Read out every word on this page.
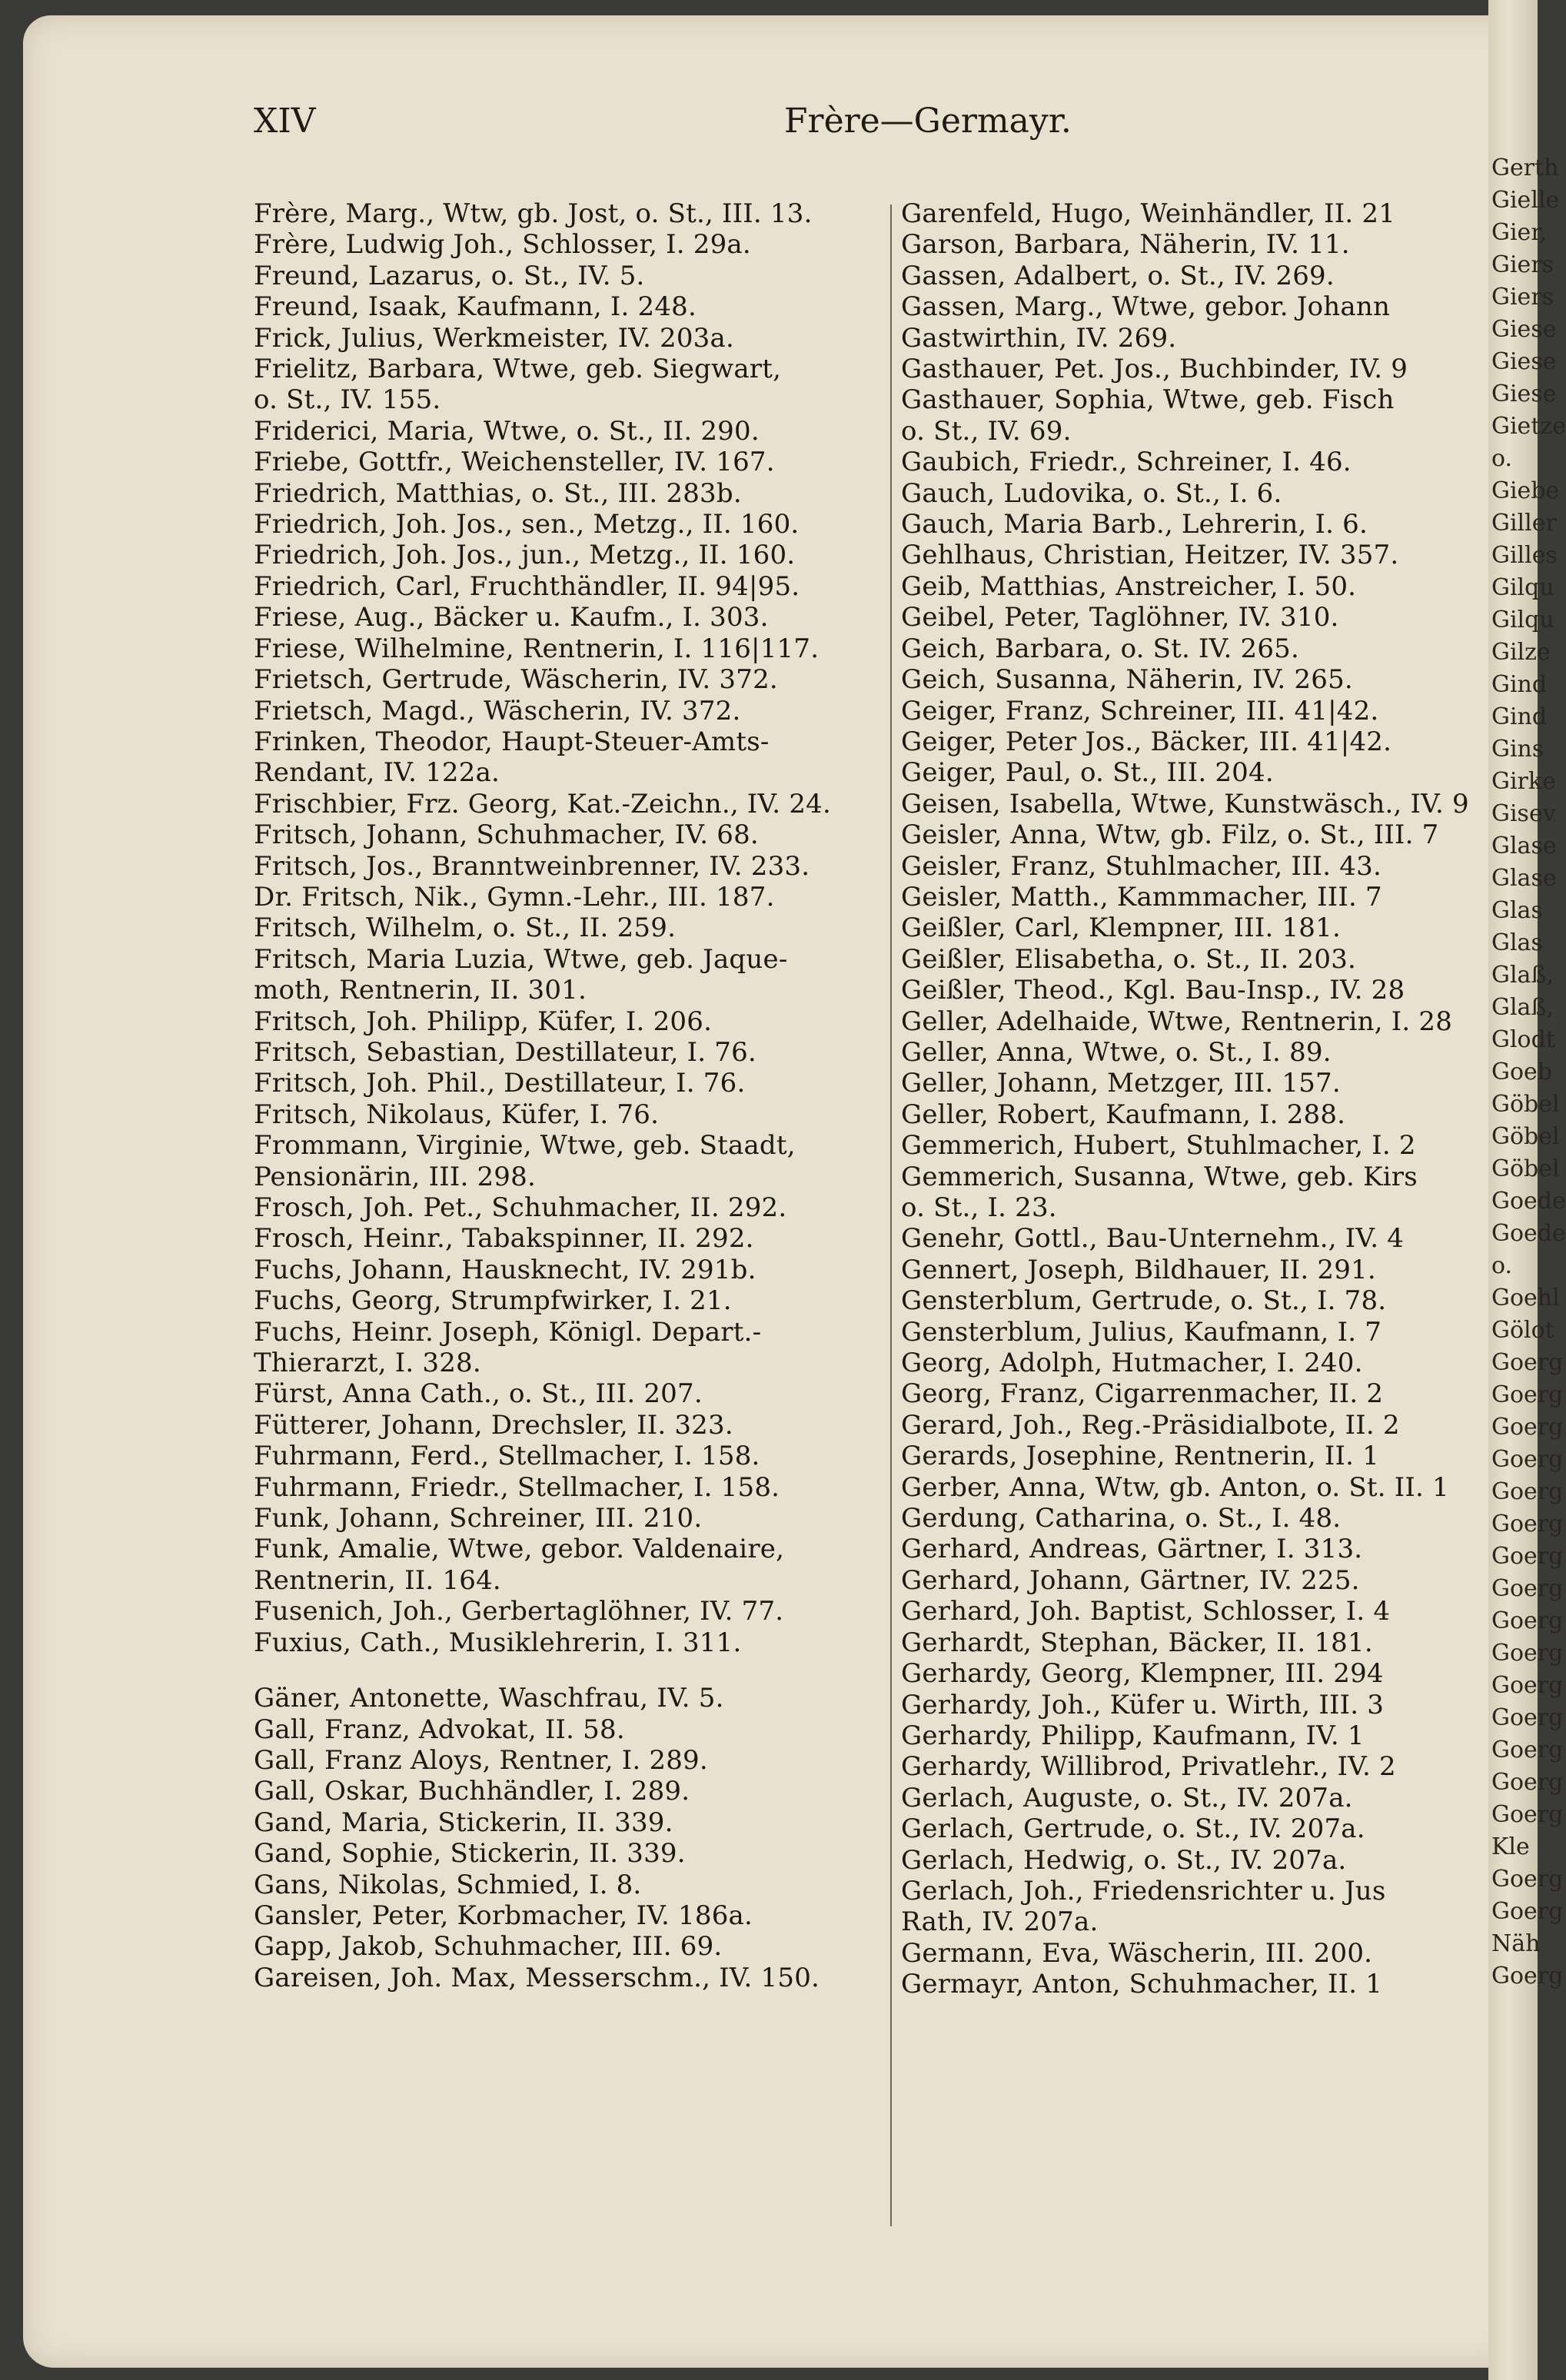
XIV	Frère—Germayr.
Frère, Marg., Wtw, gb. Jost, o. St., III. 13.
Frère, Ludwig Joh., Schlosser, I. 29a.
Freund, Lazarus, o. St., IV. 5.
Freund, Isaak, Kaufmann, I. 248.
Frick, Julius, Werkmeister, IV. 203a.
Frielitz, Barbara, Wtwe, geb. Siegwart,
o. St., IV. 155.
Friderici, Maria, Wtwe, o. St., II. 290.
Friebe, Gottfr., Weichensteller, IV. 167.
Friedrich, Matthias, o. St., III. 283b.
Friedrich, Joh. Jos., sen., Metzg., II. 160.
Friedrich, Joh. Jos., jun., Metzg., II. 160.
Friedrich, Carl, Fruchthändler, II. 94|95.
Friese, Aug., Bäcker u. Kaufm., I. 303.
Friese, Wilhelmine, Rentnerin, I. 116|117.
Frietsch, Gertrude, Wäscherin, IV. 372.
Frietsch, Magd., Wäscherin, IV. 372.
Frinken, Theodor, Haupt-Steuer-Amts-
Rendant, IV. 122a.
Frischbier, Frz. Georg, Kat.-Zeichn., IV. 24.
Fritsch, Johann, Schuhmacher, IV. 68.
Fritsch, Jos., Branntweinbrenner, IV. 233.
Dr. Fritsch, Nik., Gymn.-Lehr., III. 187.
Fritsch, Wilhelm, o. St., II. 259.
Fritsch, Maria Luzia, Wtwe, geb. Jaque-
moth, Rentnerin, II. 301.
Fritsch, Joh. Philipp, Küfer, I. 206.
Fritsch, Sebastian, Destillateur, I. 76.
Fritsch, Joh. Phil., Destillateur, I. 76.
Fritsch, Nikolaus, Küfer, I. 76.
Frommann, Virginie, Wtwe, geb. Staadt,
Pensionärin, III. 298.
Frosch, Joh. Pet., Schuhmacher, II. 292.
Frosch, Heinr., Tabakspinner, II. 292.
Fuchs, Johann, Hausknecht, IV. 291b.
Fuchs, Georg, Strumpfwirker, I. 21.
Fuchs, Heinr. Joseph, Königl. Depart.-
Thierarzt, I. 328.
Fürst, Anna Cath., o. St., III. 207.
Fütterer, Johann, Drechsler, II. 323.
Fuhrmann, Ferd., Stellmacher, I. 158.
Fuhrmann, Friedr., Stellmacher, I. 158.
Funk, Johann, Schreiner, III. 210.
Funk, Amalie, Wtwe, gebor. Valdenaire,
Rentnerin, II. 164.
Fusenich, Joh., Gerbertaglöhner, IV. 77.
Fuxius, Cath., Musiklehrerin, I. 311.
Gäner, Antonette, Waschfrau, IV. 5.
Gall, Franz, Advokat, II. 58.
Gall, Franz Aloys, Rentner, I. 289.
Gall, Oskar, Buchhändler, I. 289.
Gand, Maria, Stickerin, II. 339.
Gand, Sophie, Stickerin, II. 339.
Gans, Nikolas, Schmied, I. 8.
Gansler, Peter, Korbmacher, IV. 186a.
Gapp, Jakob, Schuhmacher, III. 69.
Gareisen, Joh. Max, Messerschm., IV. 150.
Garenfeld, Hugo, Weinhändler, II. 21
Garson, Barbara, Näherin, IV. 11.
Gassen, Adalbert, o. St., IV. 269.
Gassen, Marg., Wtwe, gebor. Johann
Gastwirthin, IV. 269.
Gasthauer, Pet. Jos., Buchbinder, IV. 9
Gasthauer, Sophia, Wtwe, geb. Fisch
o. St., IV. 69.
Gaubich, Friedr., Schreiner, I. 46.
Gauch, Ludovika, o. St., I. 6.
Gauch, Maria Barb., Lehrerin, I. 6.
Gehlhaus, Christian, Heitzer, IV. 357.
Geib, Matthias, Anstreicher, I. 50.
Geibel, Peter, Taglöhner, IV. 310.
Geich, Barbara, o. St. IV. 265.
Geich, Susanna, Näherin, IV. 265.
Geiger, Franz, Schreiner, III. 41|42.
Geiger, Peter Jos., Bäcker, III. 41|42.
Geiger, Paul, o. St., III. 204.
Geisen, Isabella, Wtwe, Kunstwäsch., IV. 9
Geisler, Anna, Wtw, gb. Filz, o. St., III. 7
Geisler, Franz, Stuhlmacher, III. 43.
Geisler, Matth., Kammmacher, III. 7
Geißler, Carl, Klempner, III. 181.
Geißler, Elisabetha, o. St., II. 203.
Geißler, Theod., Kgl. Bau-Insp., IV. 28
Geller, Adelhaide, Wtwe, Rentnerin, I. 28
Geller, Anna, Wtwe, o. St., I. 89.
Geller, Johann, Metzger, III. 157.
Geller, Robert, Kaufmann, I. 288.
Gemmerich, Hubert, Stuhlmacher, I. 2
Gemmerich, Susanna, Wtwe, geb. Kirs
o. St., I. 23.
Genehr, Gottl., Bau-Unternehm., IV. 4
Gennert, Joseph, Bildhauer, II. 291.
Gensterblum, Gertrude, o. St., I. 78.
Gensterblum, Julius, Kaufmann, I. 7
Georg, Adolph, Hutmacher, I. 240.
Georg, Franz, Cigarrenmacher, II. 2
Gerard, Joh., Reg.-Präsidialbote, II. 2
Gerards, Josephine, Rentnerin, II. 1
Gerber, Anna, Wtw, gb. Anton, o. St. II. 1
Gerdung, Catharina, o. St., I. 48.
Gerhard, Andreas, Gärtner, I. 313.
Gerhard, Johann, Gärtner, IV. 225.
Gerhard, Joh. Baptist, Schlosser, I. 4
Gerhardt, Stephan, Bäcker, II. 181.
Gerhardy, Georg, Klempner, III. 294
Gerhardy, Joh., Küfer u. Wirth, III. 3
Gerhardy, Philipp, Kaufmann, IV. 1
Gerhardy, Willibrod, Privatlehr., IV. 2
Gerlach, Auguste, o. St., IV. 207a.
Gerlach, Gertrude, o. St., IV. 207a.
Gerlach, Hedwig, o. St., IV. 207a.
Gerlach, Joh., Friedensrichter u. Jus
Rath, IV. 207a.
Germann, Eva, Wäscherin, III. 200.
Germayr, Anton, Schuhmacher, II. 1
Gerth
Gielle
Gier,
Giers
Giers
Giese
Giese
Giese
Gietze
o.
Giebe
Giller
Gilles
Gilqu
Gilqu
Gilze
Gind
Gind
Gins
Girke
Gisev
Glase
Glase
Glas
Glas
Glaß,
Glaß,
Glodt
Goeb
Göbel
Göbel
Göbel
Goede
Goede
o.
Goehl
Gölot
Goerg
Goerg
Goerg
Goerg
Goerg
Goerg
Goerg
Goerg
Goerg
Goerg
Goerg
Goerg
Goerg
Goerg
Goerg
Kle
Goerg
Goerg
Näh
Goerg
